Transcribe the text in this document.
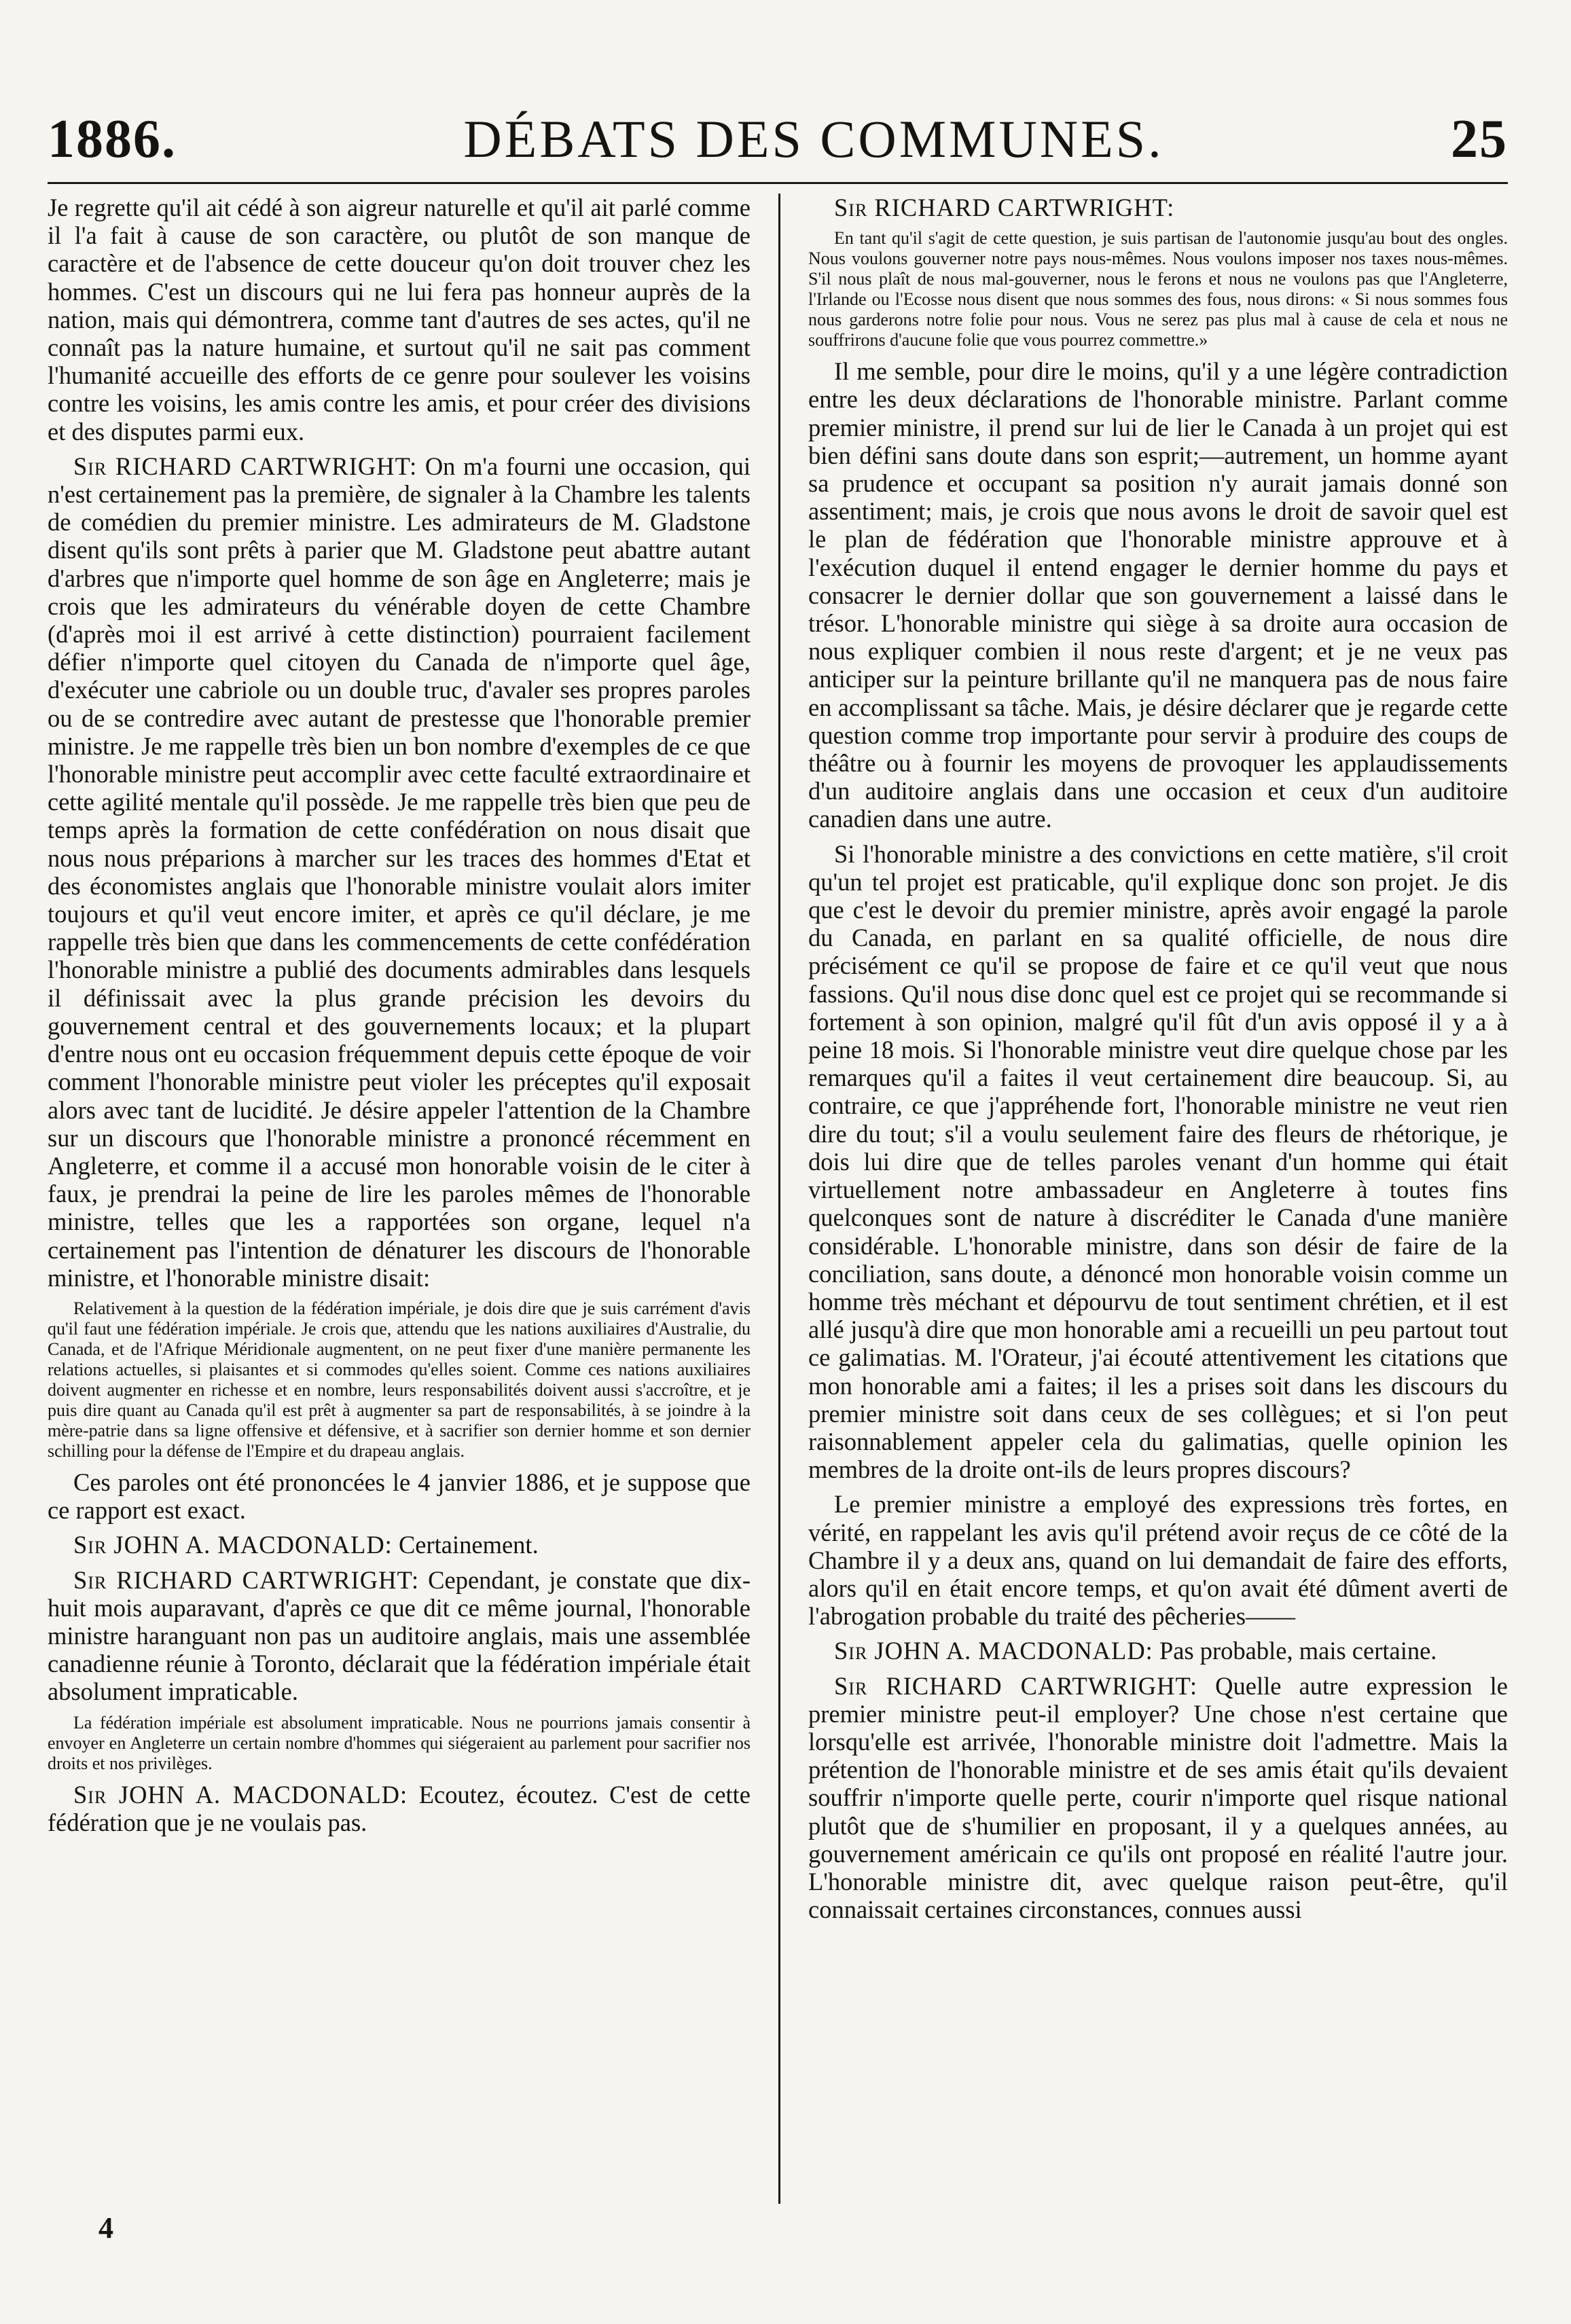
1886.	DÉBATS DES COMMUNES.	25

Je regrette qu'il ait cédé à son aigreur naturelle et qu'il ait parlé comme il l'a fait à cause de son caractère, ou plutôt de son manque de caractère et de l'absence de cette douceur qu'on doit trouver chez les hommes. C'est un discours qui ne lui fera pas honneur auprès de la nation, mais qui démontrera, comme tant d'autres de ses actes, qu'il ne connaît pas la nature humaine, et surtout qu'il ne sait pas comment l'humanité accueille des efforts de ce genre pour soulever les voisins contre les voisins, les amis contre les amis, et pour créer des divisions et des disputes parmi eux.

Sir RICHARD CARTWRIGHT: On m'a fourni une occasion, qui n'est certainement pas la première, de signaler à la Chambre les talents de comédien du premier ministre. Les admirateurs de M. Gladstone disent qu'ils sont prêts à parier que M. Gladstone peut abattre autant d'arbres que n'importe quel homme de son âge en Angleterre; mais je crois que les admirateurs du vénérable doyen de cette Chambre (d'après moi il est arrivé à cette distinction) pourraient facilement défier n'importe quel citoyen du Canada de n'importe quel âge, d'exécuter une cabriole ou un double truc, d'avaler ses propres paroles ou de se contredire avec autant de prestesse que l'honorable premier ministre. Je me rappelle très bien un bon nombre d'exemples de ce que l'honorable ministre peut accomplir avec cette faculté extraordinaire et cette agilité mentale qu'il possède. Je me rappelle très bien que peu de temps après la formation de cette confédération on nous disait que nous nous préparions à marcher sur les traces des hommes d'Etat et des économistes anglais que l'honorable ministre voulait alors imiter toujours et qu'il veut encore imiter, et après ce qu'il déclare, je me rappelle très bien que dans les commencements de cette confédération l'honorable ministre a publié des documents admirables dans lesquels il définissait avec la plus grande précision les devoirs du gouvernement central et des gouvernements locaux; et la plupart d'entre nous ont eu occasion fréquemment depuis cette époque de voir comment l'honorable ministre peut violer les préceptes qu'il exposait alors avec tant de lucidité. Je désire appeler l'attention de la Chambre sur un discours que l'honorable ministre a prononcé récemment en Angleterre, et comme il a accusé mon honorable voisin de le citer à faux, je prendrai la peine de lire les paroles mêmes de l'honorable ministre, telles que les a rapportées son organe, lequel n'a certainement pas l'intention de dénaturer les discours de l'honorable ministre, et l'honorable ministre disait:

Relativement à la question de la fédération impériale, je dois dire que je suis carrément d'avis qu'il faut une fédération impériale. Je crois que, attendu que les nations auxiliaires d'Australie, du Canada, et de l'Afrique Méridionale augmentent, on ne peut fixer d'une manière permanente les relations actuelles, si plaisantes et si commodes qu'elles soient. Comme ces nations auxiliaires doivent augmenter en richesse et en nombre, leurs responsabilités doivent aussi s'accroître, et je puis dire quant au Canada qu'il est prêt à augmenter sa part de responsabilités, à se joindre à la mère-patrie dans sa ligne offensive et défensive, et à sacrifier son dernier homme et son dernier schilling pour la défense de l'Empire et du drapeau anglais.

Ces paroles ont été prononcées le 4 janvier 1886, et je suppose que ce rapport est exact.

Sir JOHN A. MACDONALD: Certainement.

Sir RICHARD CARTWRIGHT: Cependant, je constate que dix-huit mois auparavant, d'après ce que dit ce même journal, l'honorable ministre haranguant non pas un auditoire anglais, mais une assemblée canadienne réunie à Toronto, déclarait que la fédération impériale était absolument impraticable.

La fédération impériale est absolument impraticable. Nous ne pourrions jamais consentir à envoyer en Angleterre un certain nombre d'hommes qui siégeraient au parlement pour sacrifier nos droits et nos privilèges.

Sir JOHN A. MACDONALD: Ecoutez, écoutez. C'est de cette fédération que je ne voulais pas.

Sir RICHARD CARTWRIGHT:

En tant qu'il s'agit de cette question, je suis partisan de l'autonomie jusqu'au bout des ongles. Nous voulons gouverner notre pays nous-mêmes. Nous voulons imposer nos taxes nous-mêmes. S'il nous plaît de nous mal-gouverner, nous le ferons et nous ne voulons pas que l'Angleterre, l'Irlande ou l'Ecosse nous disent que nous sommes des fous, nous dirons: « Si nous sommes fous nous garderons notre folie pour nous. Vous ne serez pas plus mal à cause de cela et nous ne souffrirons d'aucune folie que vous pourrez commettre.»

Il me semble, pour dire le moins, qu'il y a une légère contradiction entre les deux déclarations de l'honorable ministre. Parlant comme premier ministre, il prend sur lui de lier le Canada à un projet qui est bien défini sans doute dans son esprit;—autrement, un homme ayant sa prudence et occupant sa position n'y aurait jamais donné son assentiment; mais, je crois que nous avons le droit de savoir quel est le plan de fédération que l'honorable ministre approuve et à l'exécution duquel il entend engager le dernier homme du pays et consacrer le dernier dollar que son gouvernement a laissé dans le trésor. L'honorable ministre qui siège à sa droite aura occasion de nous expliquer combien il nous reste d'argent; et je ne veux pas anticiper sur la peinture brillante qu'il ne manquera pas de nous faire en accomplissant sa tâche. Mais, je désire déclarer que je regarde cette question comme trop importante pour servir à produire des coups de théâtre ou à fournir les moyens de provoquer les applaudissements d'un auditoire anglais dans une occasion et ceux d'un auditoire canadien dans une autre.

Si l'honorable ministre a des convictions en cette matière, s'il croit qu'un tel projet est praticable, qu'il explique donc son projet. Je dis que c'est le devoir du premier ministre, après avoir engagé la parole du Canada, en parlant en sa qualité officielle, de nous dire précisément ce qu'il se propose de faire et ce qu'il veut que nous fassions. Qu'il nous dise donc quel est ce projet qui se recommande si fortement à son opinion, malgré qu'il fût d'un avis opposé il y a à peine 18 mois. Si l'honorable ministre veut dire quelque chose par les remarques qu'il a faites il veut certainement dire beaucoup. Si, au contraire, ce que j'appréhende fort, l'honorable ministre ne veut rien dire du tout; s'il a voulu seulement faire des fleurs de rhétorique, je dois lui dire que de telles paroles venant d'un homme qui était virtuellement notre ambassadeur en Angleterre à toutes fins quelconques sont de nature à discréditer le Canada d'une manière considérable. L'honorable ministre, dans son désir de faire de la conciliation, sans doute, a dénoncé mon honorable voisin comme un homme très méchant et dépourvu de tout sentiment chrétien, et il est allé jusqu'à dire que mon honorable ami a recueilli un peu partout tout ce galimatias. M. l'Orateur, j'ai écouté attentivement les citations que mon honorable ami a faites; il les a prises soit dans les discours du premier ministre soit dans ceux de ses collègues; et si l'on peut raisonnablement appeler cela du galimatias, quelle opinion les membres de la droite ont-ils de leurs propres discours?

Le premier ministre a employé des expressions très fortes, en vérité, en rappelant les avis qu'il prétend avoir reçus de ce côté de la Chambre il y a deux ans, quand on lui demandait de faire des efforts, alors qu'il en était encore temps, et qu'on avait été dûment averti de l'abrogation probable du traité des pêcheries——

Sir JOHN A. MACDONALD: Pas probable, mais certaine.

Sir RICHARD CARTWRIGHT: Quelle autre expression le premier ministre peut-il employer? Une chose n'est certaine que lorsqu'elle est arrivée, l'honorable ministre doit l'admettre. Mais la prétention de l'honorable ministre et de ses amis était qu'ils devaient souffrir n'importe quelle perte, courir n'importe quel risque national plutôt que de s'humilier en proposant, il y a quelques années, au gouvernement américain ce qu'ils ont proposé en réalité l'autre jour. L'honorable ministre dit, avec quelque raison peut-être, qu'il connaissait certaines circonstances, connues aussi

4
